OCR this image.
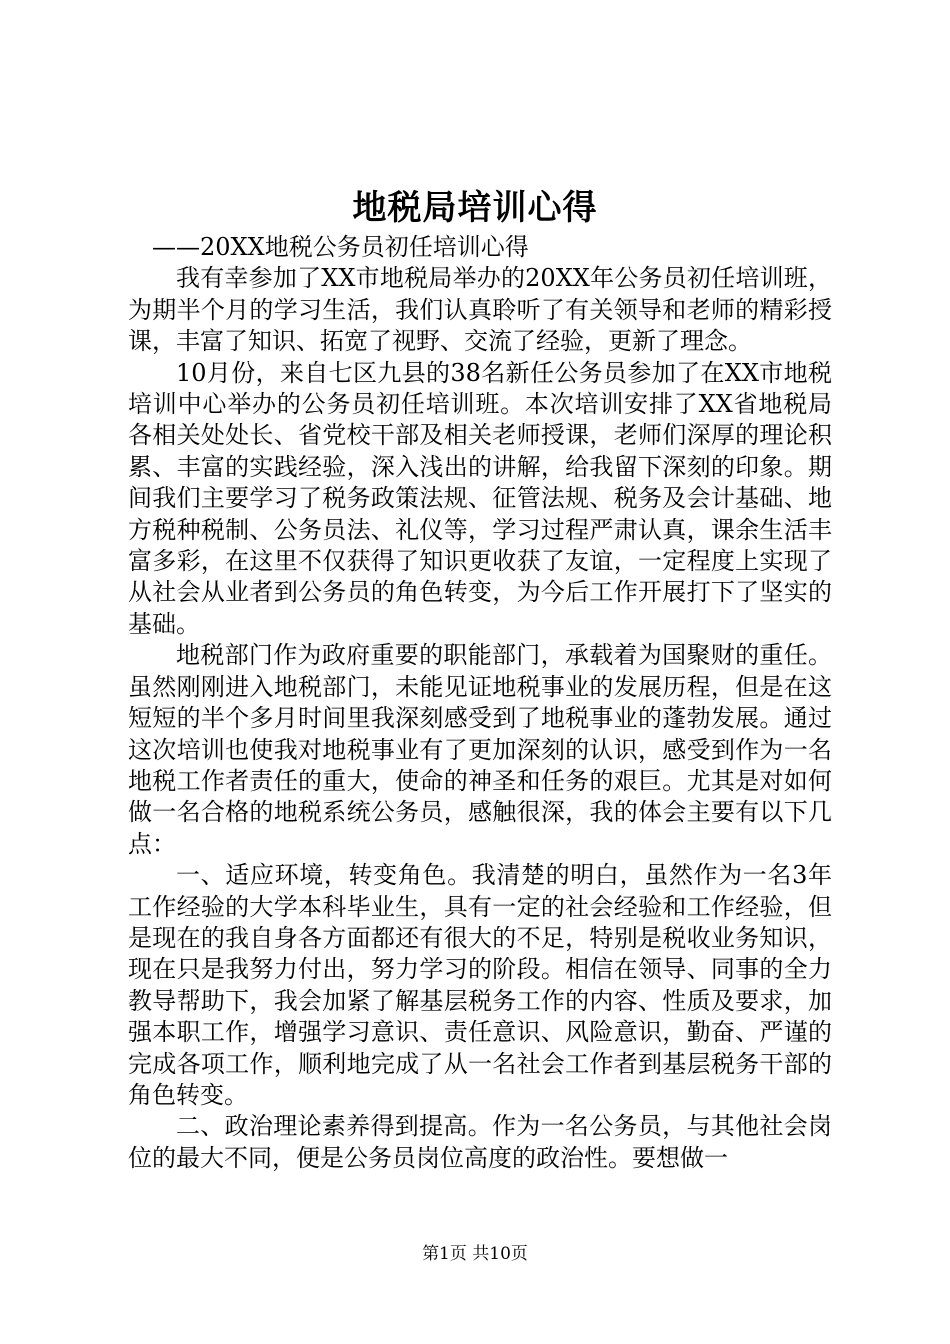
地税局培训心得
——20XX地税公务员初任培训心得

我有幸参加了XX市地税局举办的20XX年公务员初任培训班，为期半个月的学习生活，我们认真聆听了有关领导和老师的精彩授课，丰富了知识、拓宽了视野、交流了经验，更新了理念。

10月份，来自七区九县的38名新任公务员参加了在XX市地税培训中心举办的公务员初任培训班。本次培训安排了XX省地税局各相关处处长、省党校干部及相关老师授课，老师们深厚的理论积累、丰富的实践经验，深入浅出的讲解，给我留下深刻的印象。期间我们主要学习了税务政策法规、征管法规、税务及会计基础、地方税种税制、公务员法、礼仪等，学习过程严肃认真，课余生活丰富多彩，在这里不仅获得了知识更收获了友谊，一定程度上实现了从社会从业者到公务员的角色转变，为今后工作开展打下了坚实的基础。

地税部门作为政府重要的职能部门，承载着为国聚财的重任。虽然刚刚进入地税部门，未能见证地税事业的发展历程，但是在这短短的半个多月时间里我深刻感受到了地税事业的蓬勃发展。通过这次培训也使我对地税事业有了更加深刻的认识，感受到作为一名地税工作者责任的重大，使命的神圣和任务的艰巨。尤其是对如何做一名合格的地税系统公务员，感触很深，我的体会主要有以下几点：

一、适应环境，转变角色。我清楚的明白，虽然作为一名3年工作经验的大学本科毕业生，具有一定的社会经验和工作经验，但是现在的我自身各方面都还有很大的不足，特别是税收业务知识，现在只是我努力付出，努力学习的阶段。相信在领导、同事的全力教导帮助下，我会加紧了解基层税务工作的内容、性质及要求，加强本职工作，增强学习意识、责任意识、风险意识，勤奋、严谨的完成各项工作，顺利地完成了从一名社会工作者到基层税务干部的角色转变。

二、政治理论素养得到提高。作为一名公务员，与其他社会岗位的最大不同，便是公务员岗位高度的政治性。要想做一

第1页 共10页
